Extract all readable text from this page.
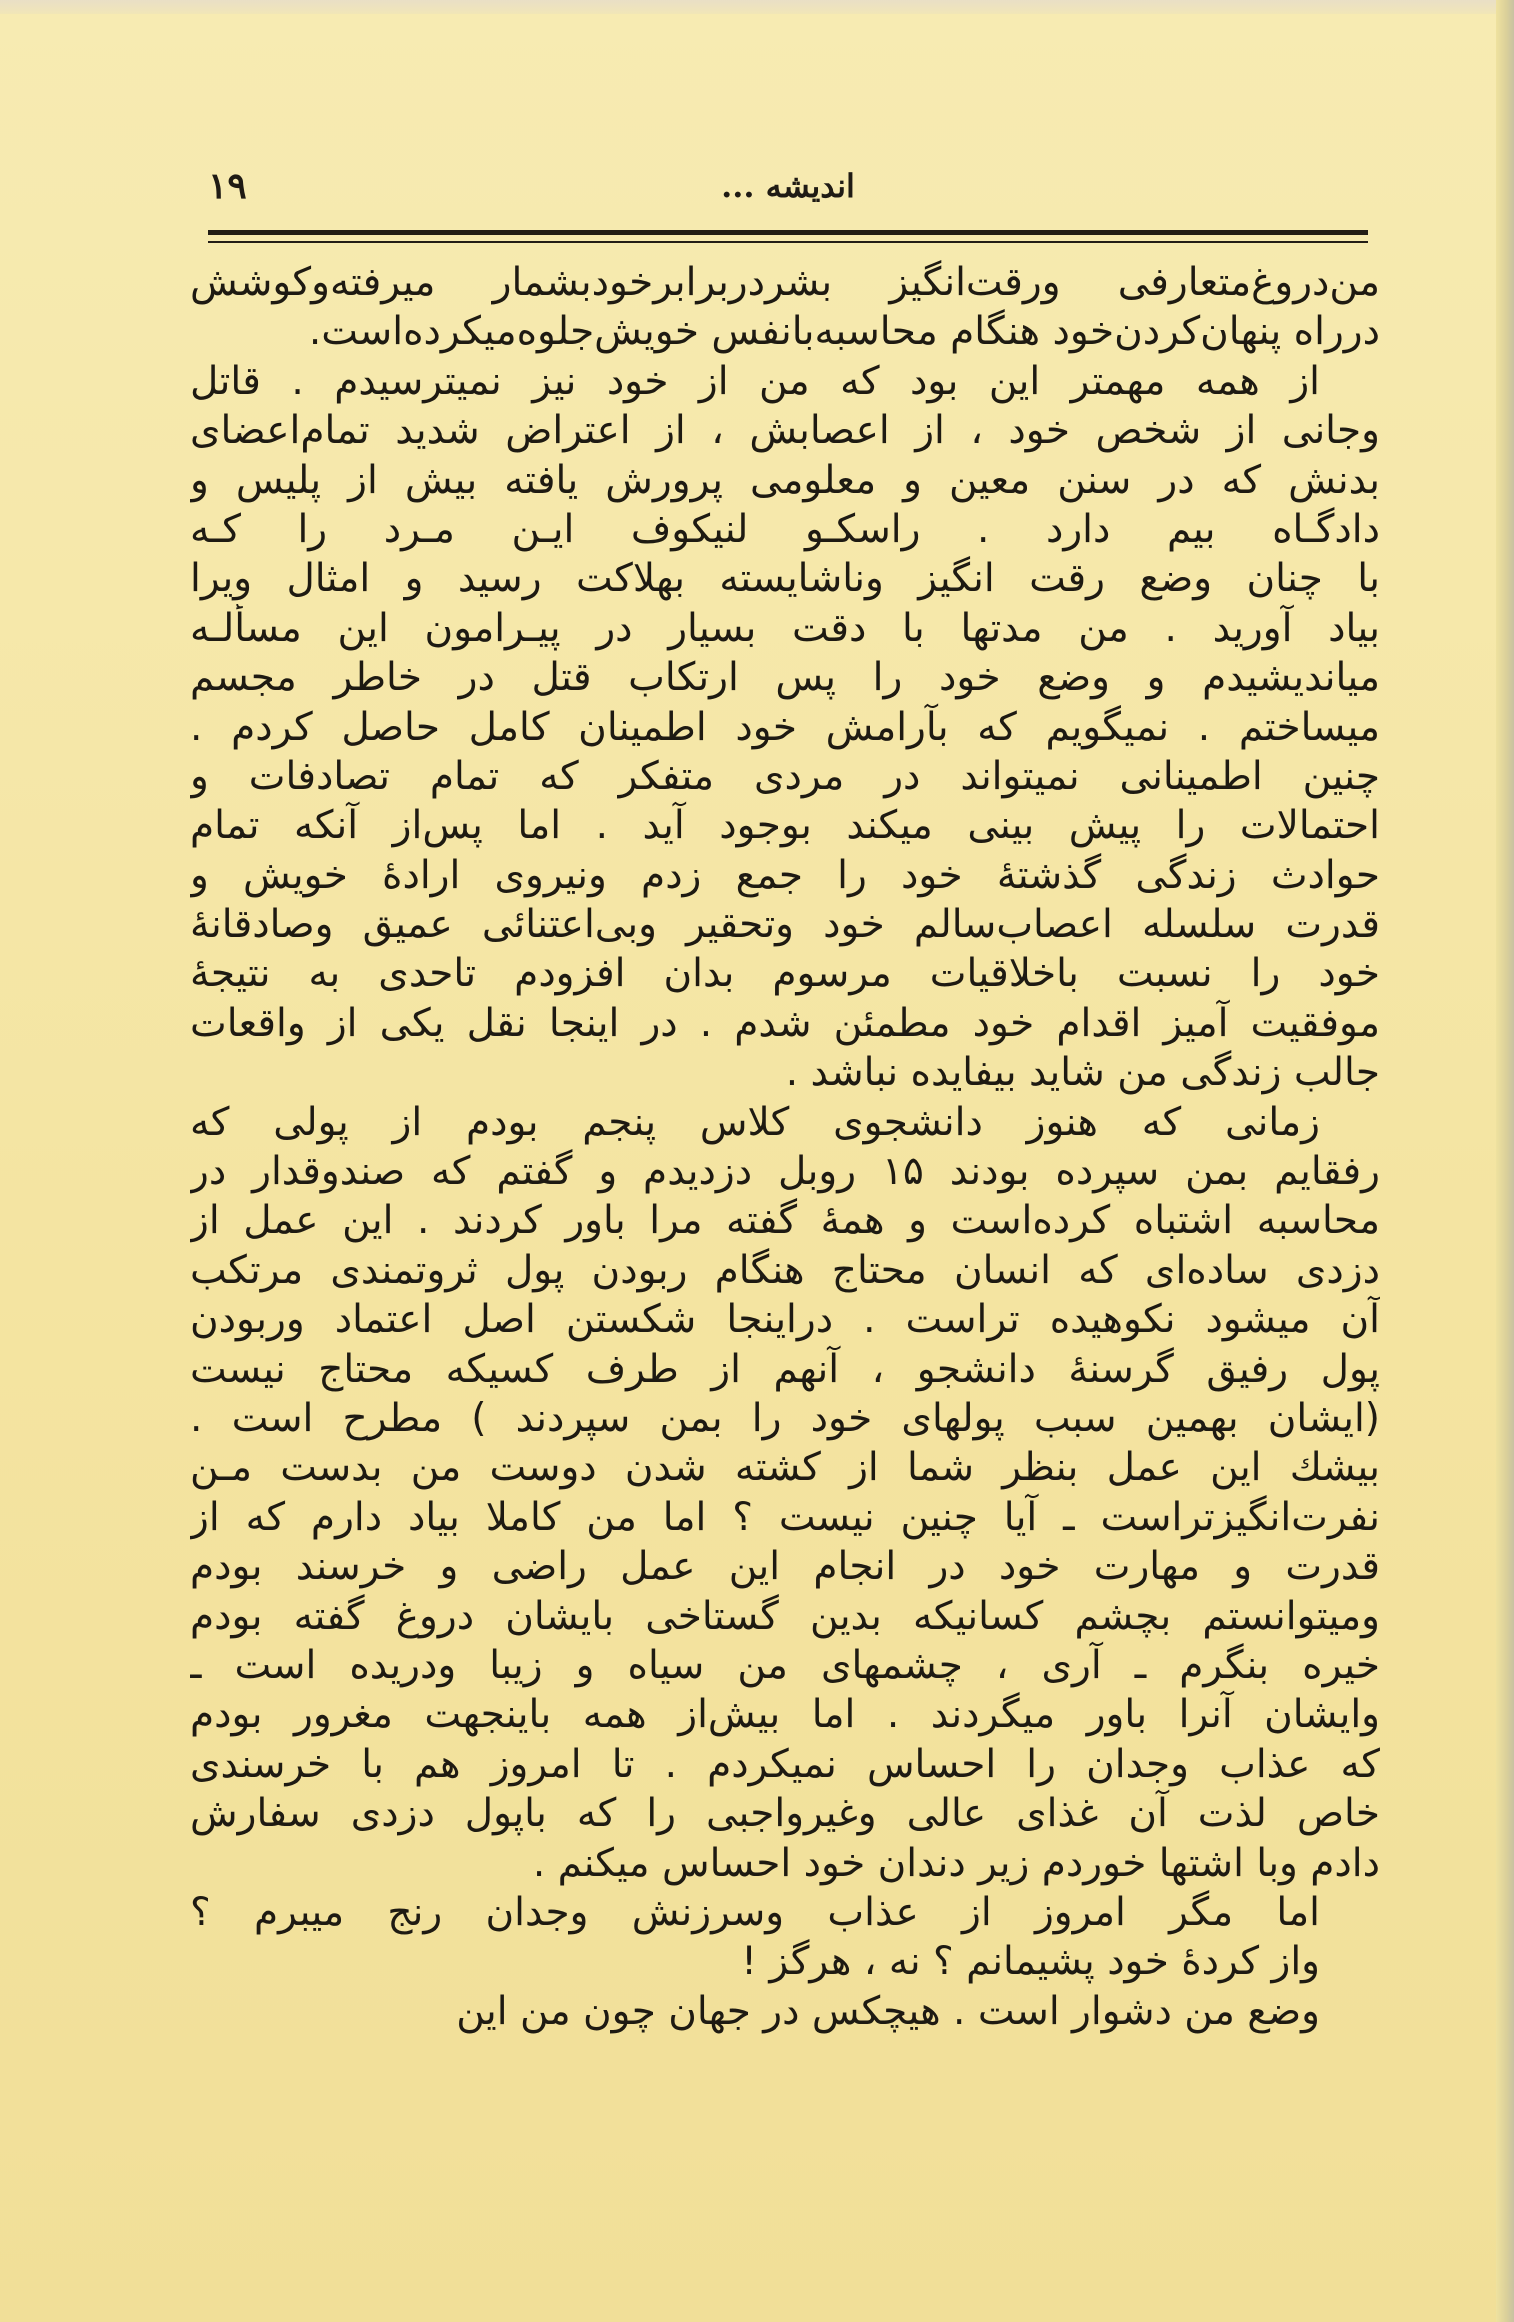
۱۹	اندیشه ...
من‌دروغ‌متعارفی ورقت‌انگیز بشردربرابرخودبشمار میرفته‌وکوشش
درراه پنهان‌کردن‌خود هنگام محاسبه‌بانفس خویش‌جلوه‌میکرده‌است.
از همه مهمتر این بود که من از خود نیز نمیترسیدم . قاتل
وجانی از شخص خود ، از اعصابش ، از اعتراض شدید تمام‌اعضای
بدنش که در سنن معین و معلومی پرورش یافته بیش از پلیس و
دادگـاه بیم دارد . راسکـو لنیکوف ایـن مـرد را کـه
با چنان وضع رقت انگیز وناشایسته بهلاکت رسید و امثال ویرا
بیاد آورید . من مدتها با دقت بسیار در پیـرامون این مسألـه
میاندیشیدم و وضع خود را پس ارتکاب قتل در خاطر مجسم
میساختم . نمیگویم که بآرامش خود اطمینان کامل حاصل کردم .
چنین اطمینانی نمیتواند در مردی متفکر که تمام تصادفات و
احتمالات را پیش بینی میکند بوجود آید . اما پس‌از آنکه تمام
حوادث زندگی گذشتهٔ خود را جمع زدم ونیروی ارادهٔ خویش و
قدرت سلسله اعصاب‌سالم خود وتحقیر وبی‌اعتنائی عمیق وصادقانهٔ
خود را نسبت باخلاقیات مرسوم بدان افزودم تاحدی به نتیجهٔ
موفقیت آمیز اقدام خود مطمئن شدم . در اینجا نقل یکی از واقعات
جالب زندگی من شاید بیفایده نباشد .
زمانی که هنوز دانشجوی کلاس پنجم بودم از پولی که
رفقایم بمن سپرده بودند ۱۵ روبل دزدیدم و گفتم که صندوقدار در
محاسبه اشتباه کرده‌است و همهٔ گفته مرا باور کردند . این عمل از
دزدی ساده‌ای که انسان محتاج هنگام ربودن پول ثروتمندی مرتکب
آن میشود نکوهیده تراست . دراینجا شکستن اصل اعتماد وربودن
پول رفیق گرسنهٔ دانشجو ، آنهم از طرف کسیکه محتاج نیست
(ایشان بهمین سبب پولهای خود را بمن سپردند ) مطرح است .
بیشك این عمل بنظر شما از کشته شدن دوست من بدست مـن
نفرت‌انگیزتراست ـ آیا چنین نیست ؟ اما من کاملا بیاد دارم که از
قدرت و مهارت خود در انجام این عمل راضی و خرسند بودم
ومیتوانستم بچشم کسانیکه بدین گستاخی بایشان دروغ گفته بودم
خیره بنگرم ـ آری ، چشمهای من سیاه و زیبا ودریده است ـ
وایشان آنرا باور میگردند . اما بیش‌از همه باینجهت مغرور بودم
که عذاب وجدان را احساس نمیکردم . تا امروز هم با خرسندی
خاص لذت آن غذای عالی وغیرواجبی را که باپول دزدی سفارش
دادم وبا اشتها خوردم زیر دندان خود احساس میکنم .
اما مگر امروز از عذاب وسرزنش وجدان رنج میبرم ؟
واز کردهٔ خود پشیمانم ؟ نه ، هرگز !
وضع من دشوار است . هیچکس در جهان چون من این
